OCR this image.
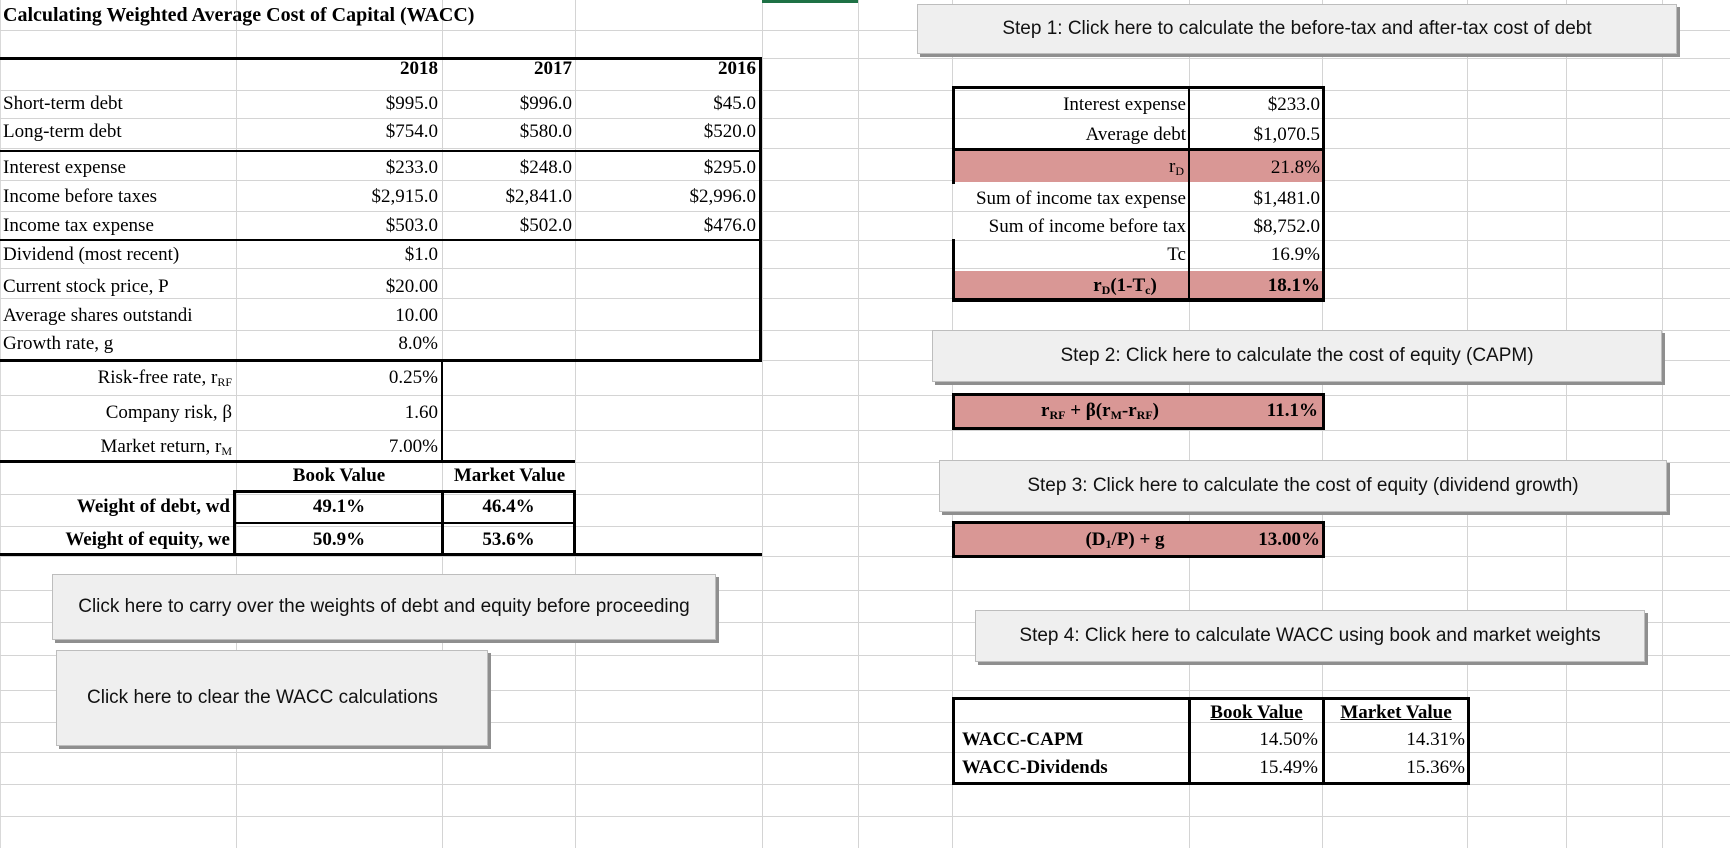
Calculating Weighted Average Cost of Capital (WACC)
2018	2017	2016
Short-term debt	$995.0	$996.0	$45.0
Long-term debt	$754.0	$580.0	$520.0
Interest expense	$233.0	$248.0	$295.0
Income before taxes	$2,915.0	$2,841.0	$2,996.0
Income tax expense	$503.0	$502.0	$476.0
Dividend (most recent)	$1.0
Current stock price, P	$20.00
Average shares outstandi	10.00
Growth rate, g	8.0%
Risk-free rate, $r_{RF}$	0.25%
Company risk, β	1.60
Market return, $r_M$	7.00%
Book Value	Market Value
Weight of debt, wd	49.1%	46.4%
Weight of equity, we	50.9%	53.6%
Click here to carry over the weights of debt and equity before proceeding
Click here to clear the WACC calculations
Step 1: Click here to calculate the before-tax and after-tax cost of debt
Interest expense	$233.0
Average debt	$1,070.5
$r_D$	21.8%
Sum of income tax expense	$1,481.0
Sum of income before tax	$8,752.0
Tc	16.9%
$r_D(1-T_c)$	18.1%
Step 2: Click here to calculate the cost of equity (CAPM)
$r_{RF} + \beta(r_M-r_{RF})$	11.1%
Step 3: Click here to calculate the cost of equity (dividend growth)
$(D_1/P) + g$	13.00%
Step 4: Click here to calculate WACC using book and market weights
Book Value	Market Value
WACC-CAPM	14.50%	14.31%
WACC-Dividends	15.49%	15.36%
